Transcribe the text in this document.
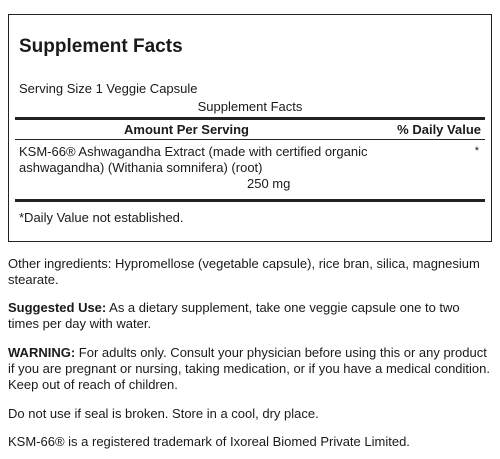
Supplement Facts
Serving Size 1 Veggie Capsule
Supplement Facts
Amount Per Serving	% Daily Value
KSM-66® Ashwagandha Extract (made with certified organic ashwagandha) (Withania somnifera) (root)
*
250 mg
*Daily Value not established.
Other ingredients: Hypromellose (vegetable capsule), rice bran, silica, magnesium stearate.
Suggested Use: As a dietary supplement, take one veggie capsule one to two times per day with water.
WARNING: For adults only. Consult your physician before using this or any product if you are pregnant or nursing, taking medication, or if you have a medical condition. Keep out of reach of children.
Do not use if seal is broken. Store in a cool, dry place.
KSM-66® is a registered trademark of Ixoreal Biomed Private Limited.
